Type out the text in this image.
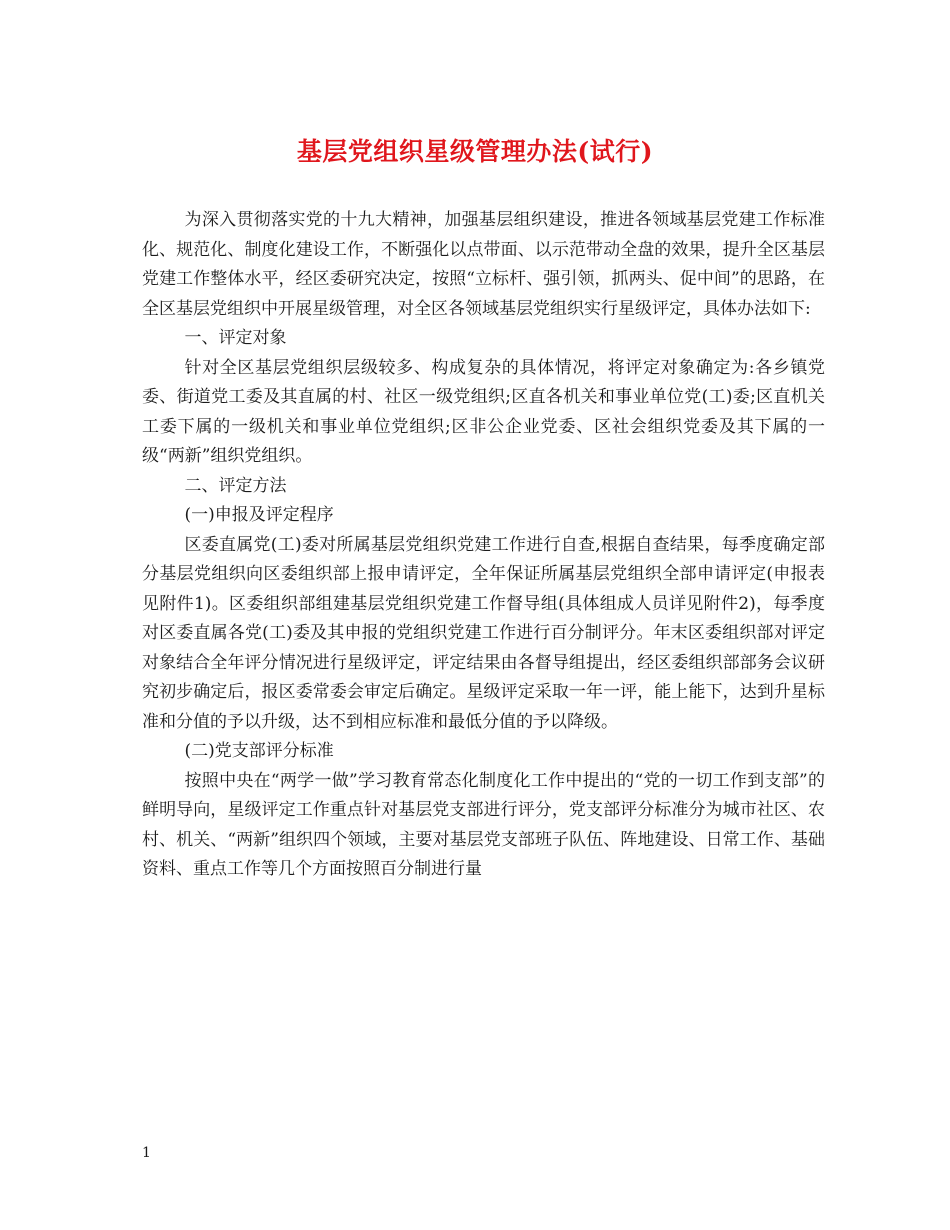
基层党组织星级管理办法(试行)

为深入贯彻落实党的十九大精神，加强基层组织建设，推进各领域基层党建工作标准化、规范化、制度化建设工作，不断强化以点带面、以示范带动全盘的效果，提升全区基层党建工作整体水平，经区委研究决定，按照“立标杆、强引领，抓两头、促中间”的思路，在全区基层党组织中开展星级管理，对全区各领域基层党组织实行星级评定，具体办法如下:

一、评定对象

针对全区基层党组织层级较多、构成复杂的具体情况，将评定对象确定为:各乡镇党委、街道党工委及其直属的村、社区一级党组织;区直各机关和事业单位党(工)委;区直机关工委下属的一级机关和事业单位党组织;区非公企业党委、区社会组织党委及其下属的一级“两新”组织党组织。

二、评定方法

(一)申报及评定程序

区委直属党(工)委对所属基层党组织党建工作进行自查,根据自查结果，每季度确定部分基层党组织向区委组织部上报申请评定，全年保证所属基层党组织全部申请评定(申报表见附件1)。区委组织部组建基层党组织党建工作督导组(具体组成人员详见附件2)，每季度对区委直属各党(工)委及其申报的党组织党建工作进行百分制评分。年末区委组织部对评定对象结合全年评分情况进行星级评定，评定结果由各督导组提出，经区委组织部部务会议研究初步确定后，报区委常委会审定后确定。星级评定采取一年一评，能上能下，达到升星标准和分值的予以升级，达不到相应标准和最低分值的予以降级。

(二)党支部评分标准

按照中央在“两学一做”学习教育常态化制度化工作中提出的“党的一切工作到支部”的鲜明导向，星级评定工作重点针对基层党支部进行评分，党支部评分标准分为城市社区、农村、机关、“两新”组织四个领域，主要对基层党支部班子队伍、阵地建设、日常工作、基础资料、重点工作等几个方面按照百分制进行量

1
